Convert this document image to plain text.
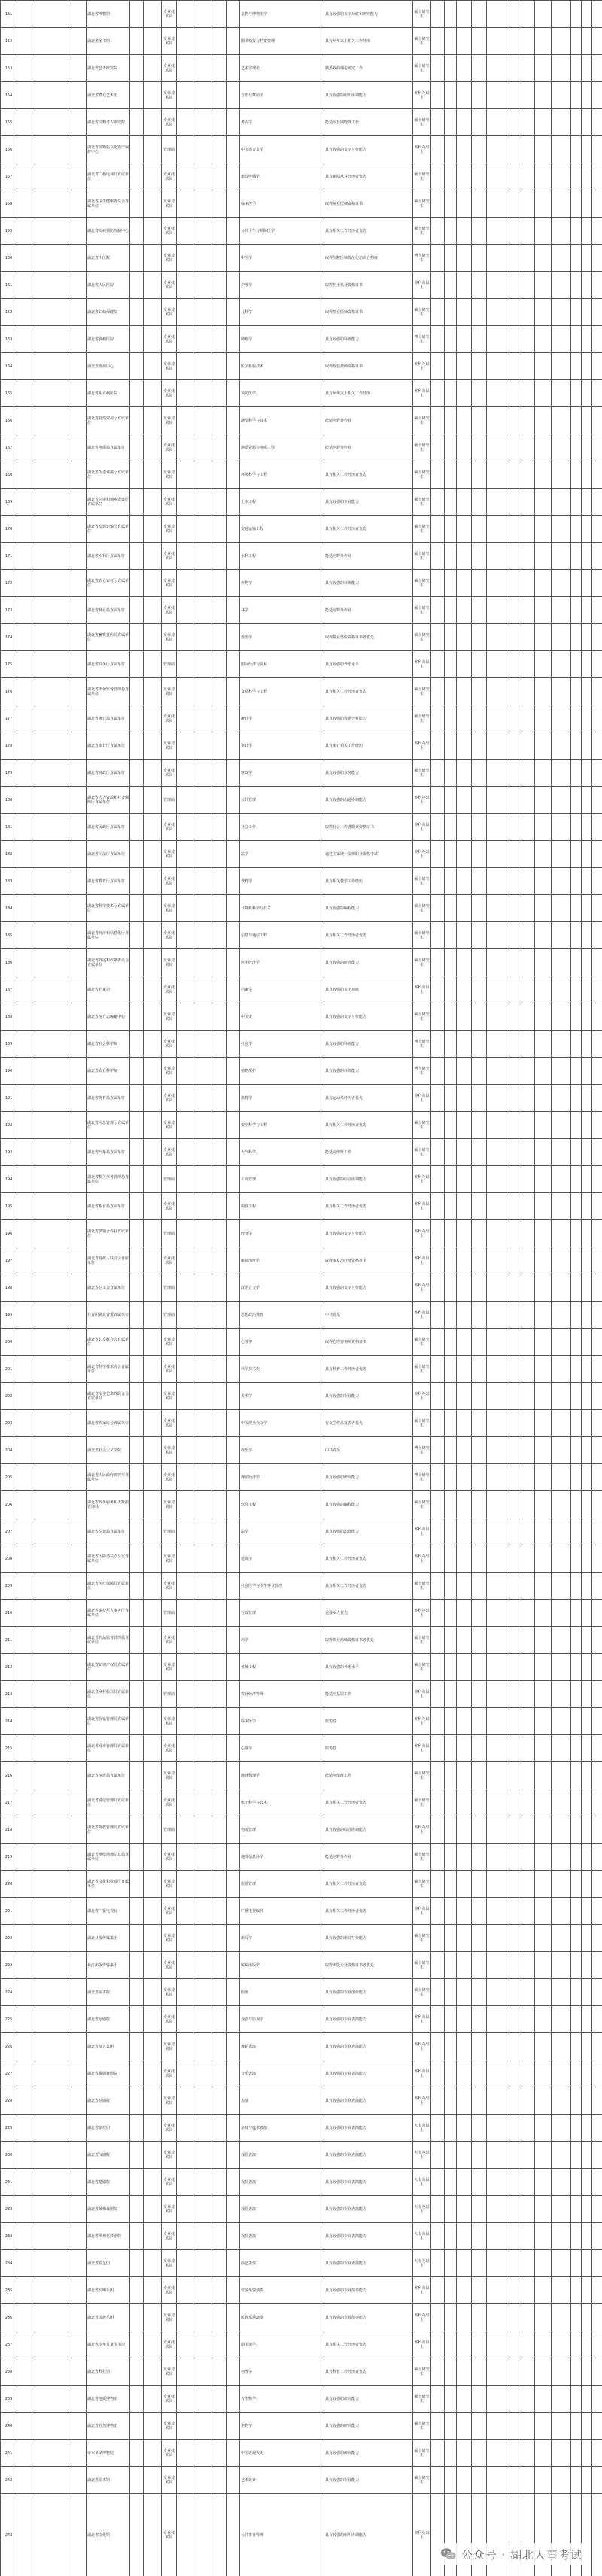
151				湖北省博物馆			专业技术岗					文物与博物馆学	具有较强的文字功底和研究能力	硕士研究生												
152				湖北省图书馆			专业技术岗					图书情报与档案管理	具有两年以上相关工作经历	硕士研究生												
153				湖北省艺术研究院			专业技术岗					艺术学理论	熟悉戏曲理论研究工作	硕士研究生												
154				湖北省群众艺术馆			专业技术岗					音乐与舞蹈学	具有较强的组织协调能力	本科及以上												
155				湖北省文物考古研究院			专业技术岗					考古学	能适应长期野外工作	硕士研究生												
156				湖北省非物质文化遗产保护中心			管理岗					中国语言文学	具有较强的文字写作能力	本科及以上												
157				湖北省广播电视局直属单位			专业技术岗					新闻传播学	具有新闻从业经历者优先	硕士研究生												
158				湖北省卫生健康委员会直属单位			专业技术岗					临床医学	取得执业医师资格证书	硕士研究生												
159				湖北省疾病预防控制中心			专业技术岗					公共卫生与预防医学	具有相关工作经历者优先	硕士研究生												
160				湖北省中医院			专业技术岗					中医学	取得住院医师规范化培训合格证	博士研究生												
161				湖北省人民医院			专业技术岗					护理学	取得护士执业资格证书	本科及以上												
162				湖北省妇幼保健院			专业技术岗					儿科学	取得执业医师资格证书	硕士研究生												
163				湖北省肿瘤医院			专业技术岗					肿瘤学	具有较强的科研能力	博士研究生												
164				湖北省血液中心			专业技术岗					医学检验技术	取得检验技师资格证书	本科及以上												
165				湖北省职业病医院			专业技术岗					预防医学	具有两年以上相关工作经历	本科及以上												
166				湖北省自然资源厅直属单位			专业技术岗					测绘科学与技术	能适应野外作业	硕士研究生												
167				湖北省地质局直属单位			专业技术岗					地质资源与地质工程	能适应野外作业	硕士研究生												
168				湖北省生态环境厅直属单位			专业技术岗					环境科学与工程	具有相关工作经历者优先	硕士研究生												
169				湖北省住房和城乡建设厅直属单位			专业技术岗					土木工程	具有较强的专业能力	硕士研究生												
170				湖北省交通运输厅直属单位			专业技术岗					交通运输工程	具有相关工作经历者优先	硕士研究生												
171				湖北省水利厅直属单位			专业技术岗					水利工程	能适应野外作业	硕士研究生												
172				湖北省农业农村厅直属单位			专业技术岗					作物学	具有较强的科研能力	硕士研究生												
173				湖北省林业局直属单位			专业技术岗					林学	能适应野外作业	硕士研究生												
174				湖北省畜牧兽医局直属单位			专业技术岗					兽医学	取得执业兽医资格证书者优先	硕士研究生												
175				湖北省商务厅直属单位			管理岗					国际经济与贸易	具有较强的外语水平	本科及以上												
176				湖北省市场监督管理局直属单位			专业技术岗					食品科学与工程	具有相关工作经历者优先	硕士研究生												
177				湖北省统计局直属单位			专业技术岗					统计学	具有较强的数据分析能力	硕士研究生												
178				湖北省审计厅直属单位			专业技术岗					审计学	具有审计相关工作经历	本科及以上												
179				湖北省财政厅直属单位			专业技术岗					财政学	具有较强的业务能力	硕士研究生												
180				湖北省人力资源和社会保障厅直属单位			管理岗					公共管理	具有较强的沟通协调能力	本科及以上												
181				湖北省民政厅直属单位			专业技术岗					社会工作	取得社会工作者职业资格证书	本科及以上												
182				湖北省司法厅直属单位			专业技术岗					法学	通过国家统一法律职业资格考试	本科及以上												
183				湖北省教育厅直属单位			专业技术岗					教育学	具有相关教学工作经历	硕士研究生												
184				湖北省科学技术厅直属单位			专业技术岗					计算机科学与技术	具有较强的编程能力	硕士研究生												
185				湖北省经济和信息化厅直属单位			专业技术岗					信息与通信工程	具有相关工作经历者优先	硕士研究生												
186				湖北省发展和改革委员会直属单位			专业技术岗					应用经济学	具有较强的研究能力	硕士研究生												
187				湖北省档案馆			专业技术岗					档案学	具有较强的文字功底	本科及以上												
188				湖北省地方志编纂中心			专业技术岗					中国史	具有较强的文字写作能力	硕士研究生												
189				湖北省社会科学院			专业技术岗					社会学	具有较强的科研能力	博士研究生												
190				湖北省农业科学院			专业技术岗					植物保护	具有较强的科研能力	博士研究生												
191				湖北省体育局直属单位			专业技术岗					体育学	具有运动员经历者优先	本科及以上												
192				湖北省应急管理厅直属单位			专业技术岗					安全科学与工程	具有相关工作经历者优先	硕士研究生												
193				湖北省气象局直属单位			专业技术岗					大气科学	能适应值班工作	硕士研究生												
194				湖北省机关事务管理局直属单位			管理岗					工商管理	具有较强的综合协调能力	本科及以上												
195				湖北省粮食局直属单位			专业技术岗					粮食工程	具有相关工作经历者优先	本科及以上												
196				湖北省供销合作社直属单位			管理岗					经济学	具有较强的文字写作能力	本科及以上												
197				湖北省残疾人联合会直属单位			专业技术岗					康复治疗学	取得康复治疗师资格证书	本科及以上												
198				湖北省总工会直属单位			管理岗					汉语言文学	具有较强的文字写作能力	本科及以上												
199				共青团湖北省委直属单位			管理岗					思想政治教育	中共党员	本科及以上												
200				湖北省妇女联合会直属单位			专业技术岗					心理学	取得心理咨询师资格证书	硕士研究生												
201				湖北省科学技术协会直属单位			专业技术岗					科学技术史	具有科普工作经历者优先	硕士研究生												
202				湖北省文学艺术界联合会直属单位			专业技术岗					美术学	具有较强的专业能力	本科及以上												
203				湖北省作家协会直属单位			专业技术岗					中国现当代文学	有文学作品发表者优先	硕士研究生												
204				湖北省社会主义学院			专业技术岗					政治学	中共党员	博士研究生												
205				湖北省人民政府研究室直属单位			专业技术岗					理论经济学	具有较强的研究能力	博士研究生												
206				湖北省政务服务和大数据管理局			专业技术岗					软件工程	具有较强的编程能力	硕士研究生												
207				湖北省信访局直属单位			管理岗					法学	具有较强的沟通能力	本科及以上												
208				湖北省国防动员办公室直属单位			专业技术岗					建筑学	具有相关工作经历者优先	本科及以上												
209				湖北省医疗保障局直属单位			专业技术岗					社会医学与卫生事业管理	具有相关工作经历者优先	硕士研究生												
210				湖北省退役军人事务厅直属单位			管理岗					行政管理	退役军人优先	本科及以上												
211				湖北省药品监督管理局直属单位			专业技术岗					药学	取得执业药师资格证书者优先	硕士研究生												
212				湖北省知识产权局直属单位			专业技术岗					机械工程	具有较强的外语水平	硕士研究生												
213				湖北省乡村振兴局直属单位			管理岗					农业经济管理	能适应基层工作	本科及以上												
214				湖北省监狱管理局直属单位			专业技术岗					临床医学	限男性	本科及以上												
215				湖北省戒毒管理局直属单位			专业技术岗					心理学	限男性	本科及以上												
216				湖北省地震局直属单位			专业技术岗					地球物理学	能适应值班工作	硕士研究生												
217				湖北省通信管理局直属单位			专业技术岗					电子科学与技术	具有相关工作经历者优先	硕士研究生												
218				湖北省邮政管理局直属单位			管理岗					物流管理	具有较强的综合协调能力	本科及以上												
219				湖北省测绘地理信息局直属单位			专业技术岗					地理信息科学	能适应野外作业	硕士研究生												
220				湖北省文化和旅游厅直属单位			专业技术岗					旅游管理	具有相关工作经历者优先	硕士研究生												
221				湖北省广播电视台			专业技术岗					广播电视编导	具有相关工作经历者优先	本科及以上												
222				湖北日报传媒集团			专业技术岗					新闻学	具有较强的新闻写作能力	硕士研究生												
223				长江出版传媒集团			专业技术岗					编辑出版学	取得出版专业资格证书者优先	硕士研究生												
224				湖北省美术院			专业技术岗					绘画	具有较强的专业创作能力	硕士研究生												
225				湖北省京剧院			专业技术岗					戏剧与影视学	具有较强的专业表演能力	本科及以上												
226				湖北省演艺集团			专业技术岗					舞蹈表演	具有较强的专业表演能力	本科及以上												
227				湖北省歌剧舞剧院			专业技术岗					音乐表演	具有较强的专业表演能力	本科及以上												
228				湖北省话剧院			专业技术岗					表演	具有较强的专业表演能力	本科及以上												
229				湖北省杂技团			专业技术岗					杂技与魔术表演	具有较强的专业表演能力	大专及以上												
230				湖北省汉剧院			专业技术岗					戏曲表演	具有较强的专业表演能力	大专及以上												
231				湖北省楚剧院			专业技术岗					戏曲表演	具有较强的专业表演能力	大专及以上												
232				湖北省黄梅戏剧院			专业技术岗					戏曲表演	具有较强的专业表演能力	大专及以上												
233				湖北省荆州花鼓剧院			专业技术岗					戏曲表演	具有较强的专业表演能力	大专及以上												
234				湖北省曲艺团			专业技术岗					曲艺表演	具有较强的专业表演能力	大专及以上												
235				湖北省交响乐团			专业技术岗					管弦乐器演奏	具有较强的专业演奏能力	本科及以上												
236				湖北省民族乐团			专业技术岗					民族乐器演奏	具有较强的专业演奏能力	本科及以上												
237				湖北省少年儿童图书馆			专业技术岗					图书馆学	具有相关工作经历者优先	本科及以上												
238				湖北省科技馆			专业技术岗					物理学	具有科普工作经历者优先	硕士研究生												
239				湖北省地质博物馆			专业技术岗					古生物学	具有较强的研究能力	硕士研究生												
240				湖北省自然博物馆			专业技术岗					生物学	具有较强的研究能力	硕士研究生												
241				辛亥革命博物院			专业技术岗					中国近现代史	具有较强的研究能力	硕士研究生												
242				湖北省美术馆			专业技术岗					艺术设计	具有较强的专业能力	硕士研究生												
243				湖北省文化馆			专业技术岗					公共事业管理	具有较强的组织协调能力	本科及以上												
公众号 · 湖北人事考试
